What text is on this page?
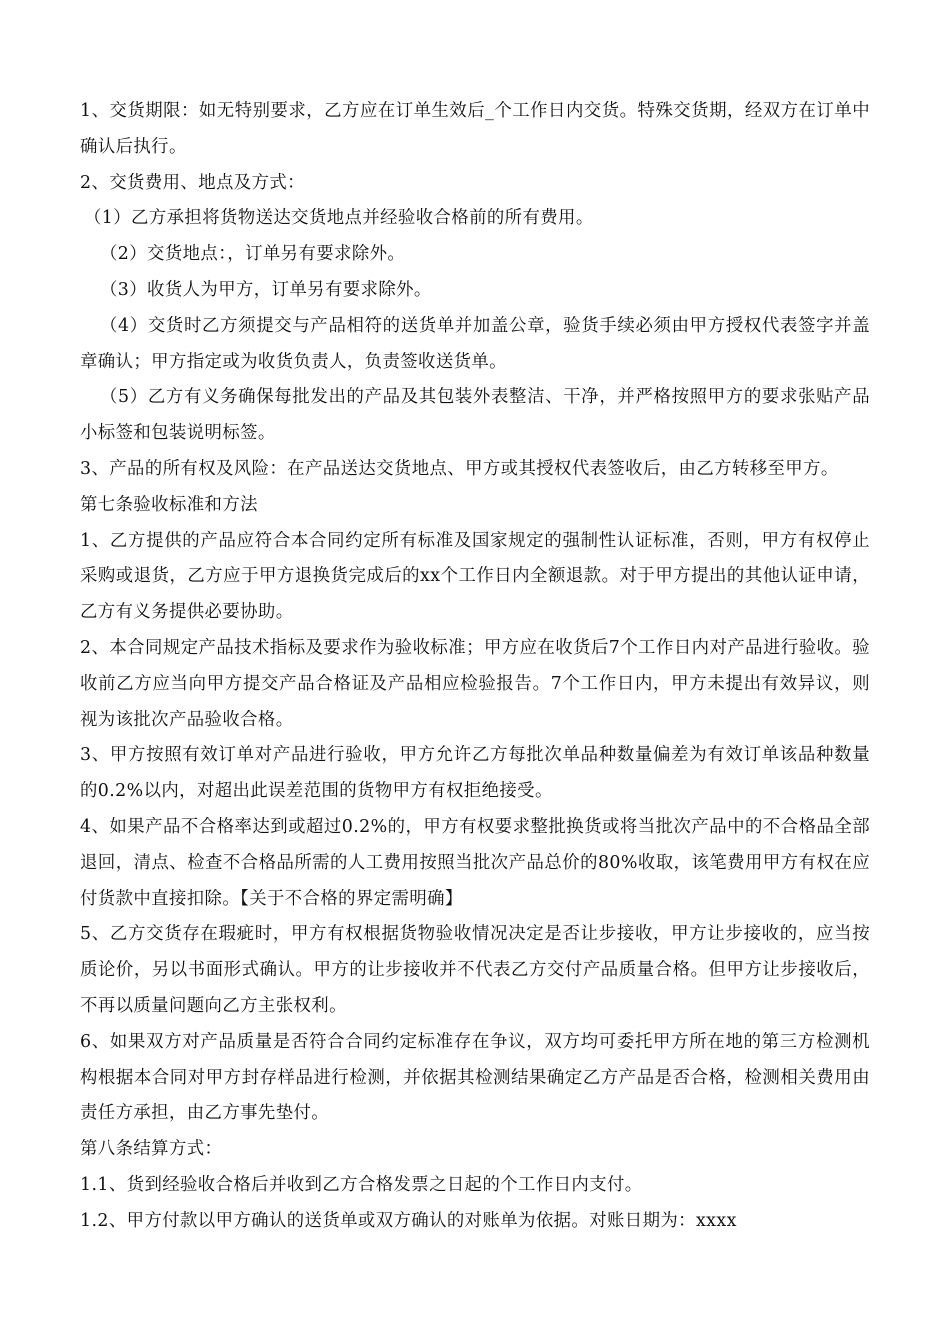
1、交货期限：如无特别要求，乙方应在订单生效后_个工作日内交货。特殊交货期，经双方在订单中确认后执行。

2、交货费用、地点及方式：

（1）乙方承担将货物送达交货地点并经验收合格前的所有费用。

（2）交货地点：，订单另有要求除外。

（3）收货人为甲方，订单另有要求除外。

（4）交货时乙方须提交与产品相符的送货单并加盖公章，验货手续必须由甲方授权代表签字并盖章确认；甲方指定或为收货负责人，负责签收送货单。

（5）乙方有义务确保每批发出的产品及其包装外表整洁、干净，并严格按照甲方的要求张贴产品小标签和包装说明标签。

3、产品的所有权及风险：在产品送达交货地点、甲方或其授权代表签收后，由乙方转移至甲方。

第七条验收标准和方法

1、乙方提供的产品应符合本合同约定所有标准及国家规定的强制性认证标准，否则，甲方有权停止采购或退货，乙方应于甲方退换货完成后的xx个工作日内全额退款。对于甲方提出的其他认证申请，乙方有义务提供必要协助。

2、本合同规定产品技术指标及要求作为验收标准；甲方应在收货后7个工作日内对产品进行验收。验收前乙方应当向甲方提交产品合格证及产品相应检验报告。7个工作日内，甲方未提出有效异议，则视为该批次产品验收合格。

3、甲方按照有效订单对产品进行验收，甲方允许乙方每批次单品种数量偏差为有效订单该品种数量的0.2%以内，对超出此误差范围的货物甲方有权拒绝接受。

4、如果产品不合格率达到或超过0.2%的，甲方有权要求整批换货或将当批次产品中的不合格品全部退回，清点、检查不合格品所需的人工费用按照当批次产品总价的80%收取，该笔费用甲方有权在应付货款中直接扣除。【关于不合格的界定需明确】

5、乙方交货存在瑕疵时，甲方有权根据货物验收情况决定是否让步接收，甲方让步接收的，应当按质论价，另以书面形式确认。甲方的让步接收并不代表乙方交付产品质量合格。但甲方让步接收后，不再以质量问题向乙方主张权利。

6、如果双方对产品质量是否符合合同约定标准存在争议，双方均可委托甲方所在地的第三方检测机构根据本合同对甲方封存样品进行检测，并依据其检测结果确定乙方产品是否合格，检测相关费用由责任方承担，由乙方事先垫付。

第八条结算方式：

1.1、货到经验收合格后并收到乙方合格发票之日起的个工作日内支付。

1.2、甲方付款以甲方确认的送货单或双方确认的对账单为依据。对账日期为：xxxx
